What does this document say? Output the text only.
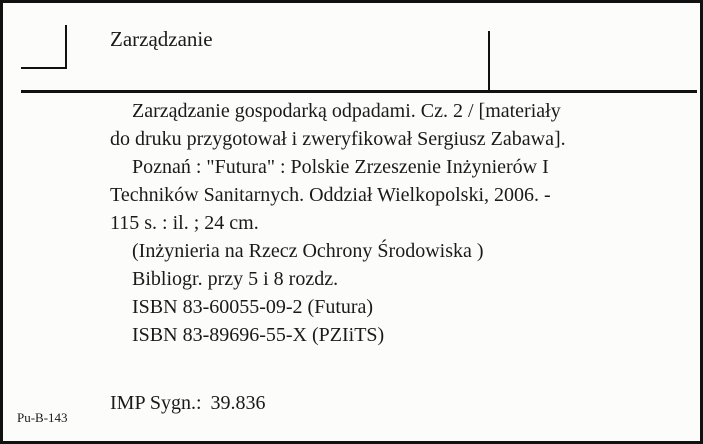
Zarządzanie
Zarządzanie gospodarką odpadami. Cz. 2 / [materiały
do druku przygotował i zweryfikował Sergiusz Zabawa].
Poznań : "Futura" : Polskie Zrzeszenie Inżynierów I
Techników Sanitarnych. Oddział Wielkopolski, 2006. -
115 s. : il. ; 24 cm.
(Inżynieria na Rzecz Ochrony Środowiska )
Bibliogr. przy 5 i 8 rozdz.
ISBN 83-60055-09-2 (Futura)
ISBN 83-89696-55-X (PZIiTS)
Pu-B-143
IMP Sygn.: 39.836
